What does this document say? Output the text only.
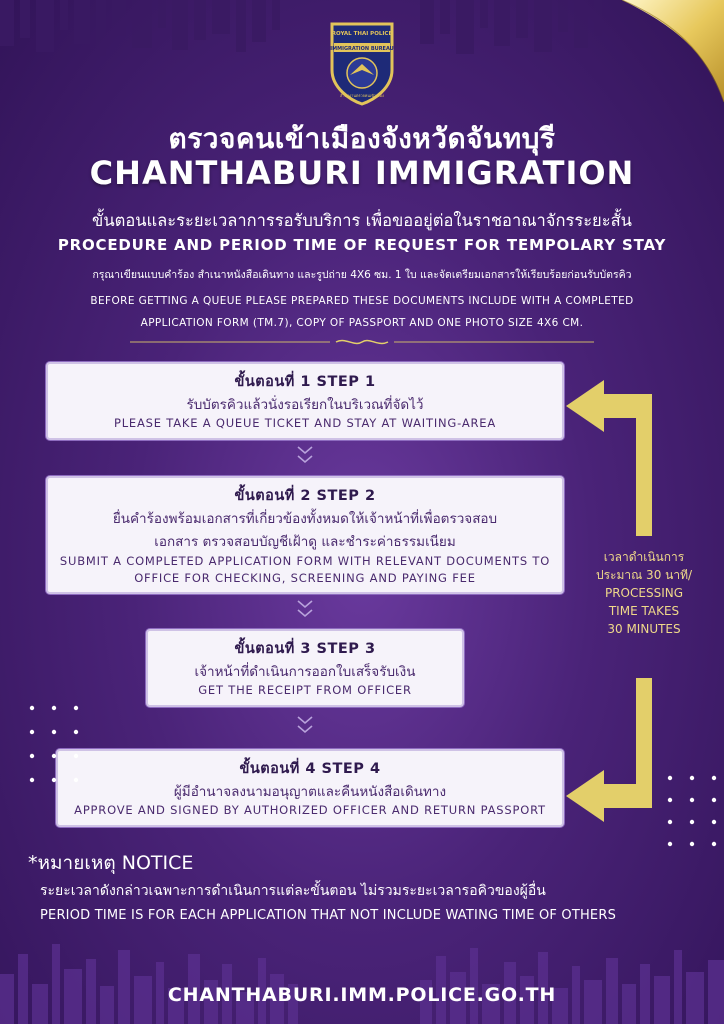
ROYAL THAI POLICE
IMMIGRATION BUREAU
สำนักงานตรวจคนเข้าเมือง
ตรวจคนเข้าเมืองจังหวัดจันทบุรี
CHANTHABURI IMMIGRATION
ขั้นตอนและระยะเวลาการรอรับบริการ เพื่อขออยู่ต่อในราชอาณาจักรระยะสั้น
PROCEDURE AND PERIOD TIME OF REQUEST FOR TEMPOLARY STAY
กรุณาเขียนแบบคำร้อง สำเนาหนังสือเดินทาง และรูปถ่าย 4X6 ซม. 1 ใบ และจัดเตรียมเอกสารให้เรียบร้อยก่อนรับบัตรคิว
BEFORE GETTING A QUEUE PLEASE PREPARED THESE DOCUMENTS INCLUDE WITH A COMPLETED APPLICATION FORM (TM.7), COPY OF PASSPORT AND ONE PHOTO SIZE 4X6 CM.
ขั้นตอนที่ 1 STEP 1
รับบัตรคิวแล้วนั่งรอเรียกในบริเวณที่จัดไว้
PLEASE TAKE A QUEUE TICKET AND STAY AT WAITING-AREA
ขั้นตอนที่ 2 STEP 2
ยื่นคำร้องพร้อมเอกสารที่เกี่ยวข้องทั้งหมดให้เจ้าหน้าที่เพื่อตรวจสอบ
เอกสาร ตรวจสอบบัญชีเฝ้าดู และชำระค่าธรรมเนียม
SUBMIT A COMPLETED APPLICATION FORM WITH RELEVANT DOCUMENTS TO
OFFICE FOR CHECKING, SCREENING AND PAYING FEE
ขั้นตอนที่ 3 STEP 3
เจ้าหน้าที่ดำเนินการออกใบเสร็จรับเงิน
GET THE RECEIPT FROM OFFICER
ขั้นตอนที่ 4 STEP 4
ผู้มีอำนาจลงนามอนุญาตและคืนหนังสือเดินทาง
APPROVE AND SIGNED BY AUTHORIZED OFFICER AND RETURN PASSPORT
เวลาดำเนินการ
ประมาณ 30 นาที/
PROCESSING
TIME TAKES
30 MINUTES
*หมายเหตุ NOTICE
ระยะเวลาดังกล่าวเฉพาะการดำเนินการแต่ละขั้นตอน ไม่รวมระยะเวลารอคิวของผู้อื่น
PERIOD TIME IS FOR EACH APPLICATION THAT NOT INCLUDE WATING TIME OF OTHERS
CHANTHABURI.IMM.POLICE.GO.TH
